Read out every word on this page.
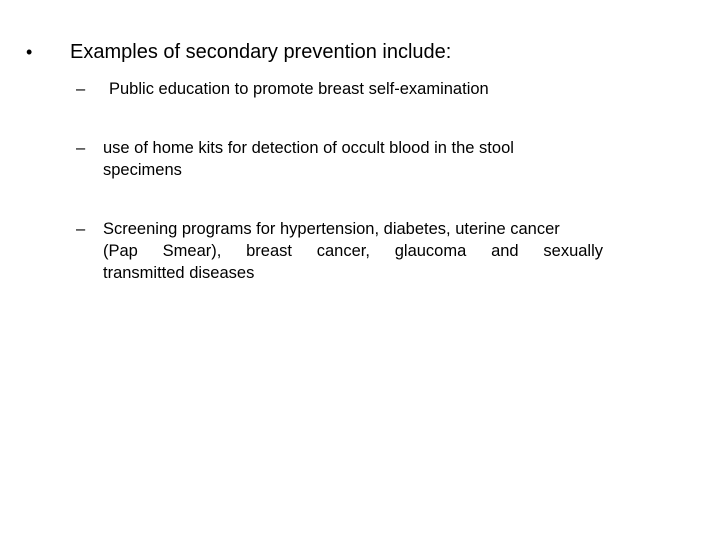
• Examples of secondary prevention include:
– Public education to promote breast self-examination
– use of home kits for detection of occult blood in the stool
specimens
– Screening programs for hypertension, diabetes, uterine cancer
(Pap  Smear),  breast  cancer,  glaucoma  and  sexually
transmitted diseases
